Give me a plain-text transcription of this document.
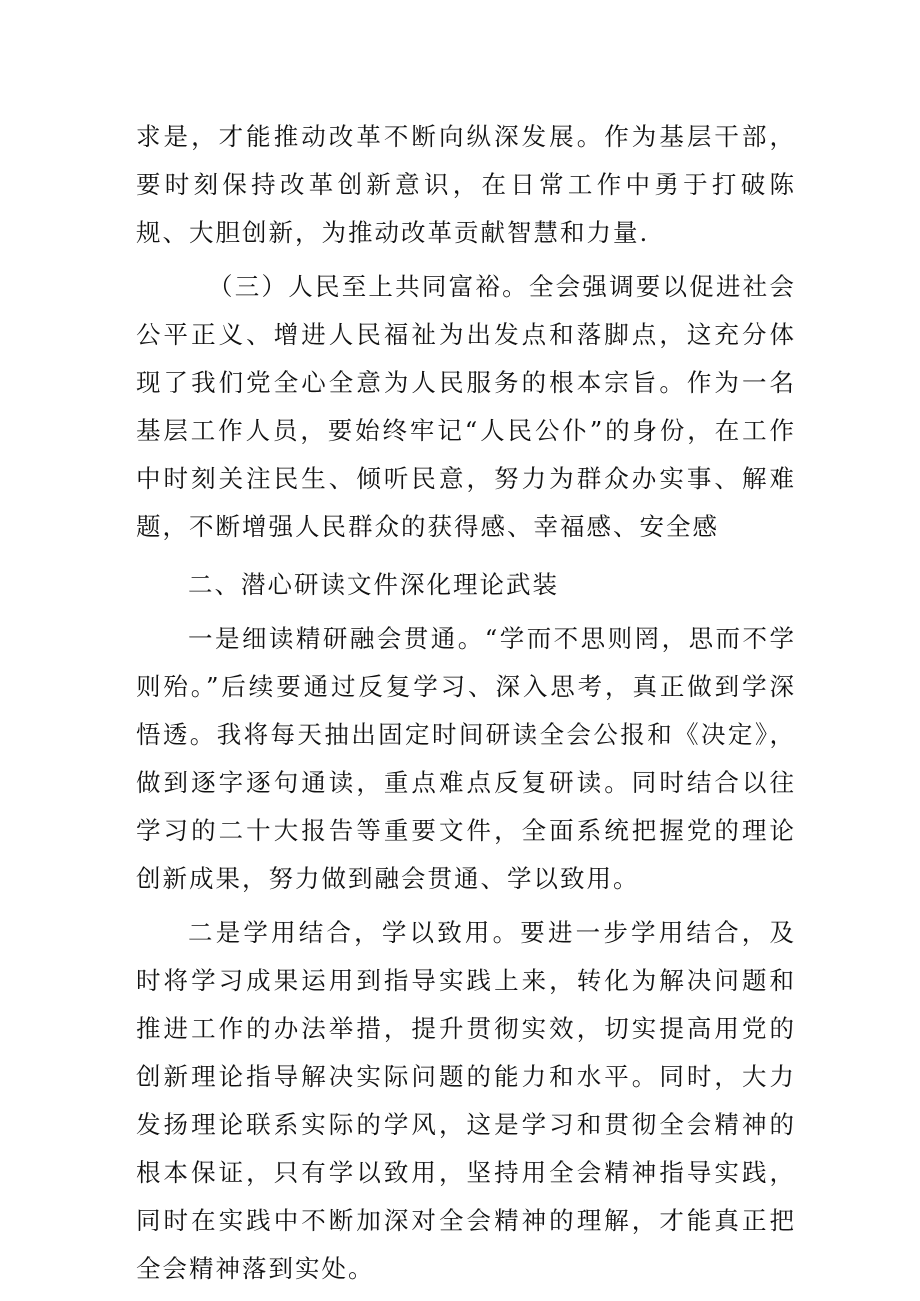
求是，才能推动改革不断向纵深发展。作为基层干部，要时刻保持改革创新意识，在日常工作中勇于打破陈规、大胆创新，为推动改革贡献智慧和力量.

（三）人民至上共同富裕。全会强调要以促进社会公平正义、增进人民福祉为出发点和落脚点，这充分体现了我们党全心全意为人民服务的根本宗旨。作为一名基层工作人员，要始终牢记“人民公仆”的身份，在工作中时刻关注民生、倾听民意，努力为群众办实事、解难题，不断增强人民群众的获得感、幸福感、安全感

二、潜心研读文件深化理论武装

一是细读精研融会贯通。“学而不思则罔，思而不学则殆。”后续要通过反复学习、深入思考，真正做到学深悟透。我将每天抽出固定时间研读全会公报和《决定》，做到逐字逐句通读，重点难点反复研读。同时结合以往学习的二十大报告等重要文件，全面系统把握党的理论创新成果，努力做到融会贯通、学以致用。

二是学用结合，学以致用。要进一步学用结合，及时将学习成果运用到指导实践上来，转化为解决问题和推进工作的办法举措，提升贯彻实效，切实提高用党的创新理论指导解决实际问题的能力和水平。同时，大力发扬理论联系实际的学风，这是学习和贯彻全会精神的根本保证，只有学以致用，坚持用全会精神指导实践，同时在实践中不断加深对全会精神的理解，才能真正把全会精神落到实处。
